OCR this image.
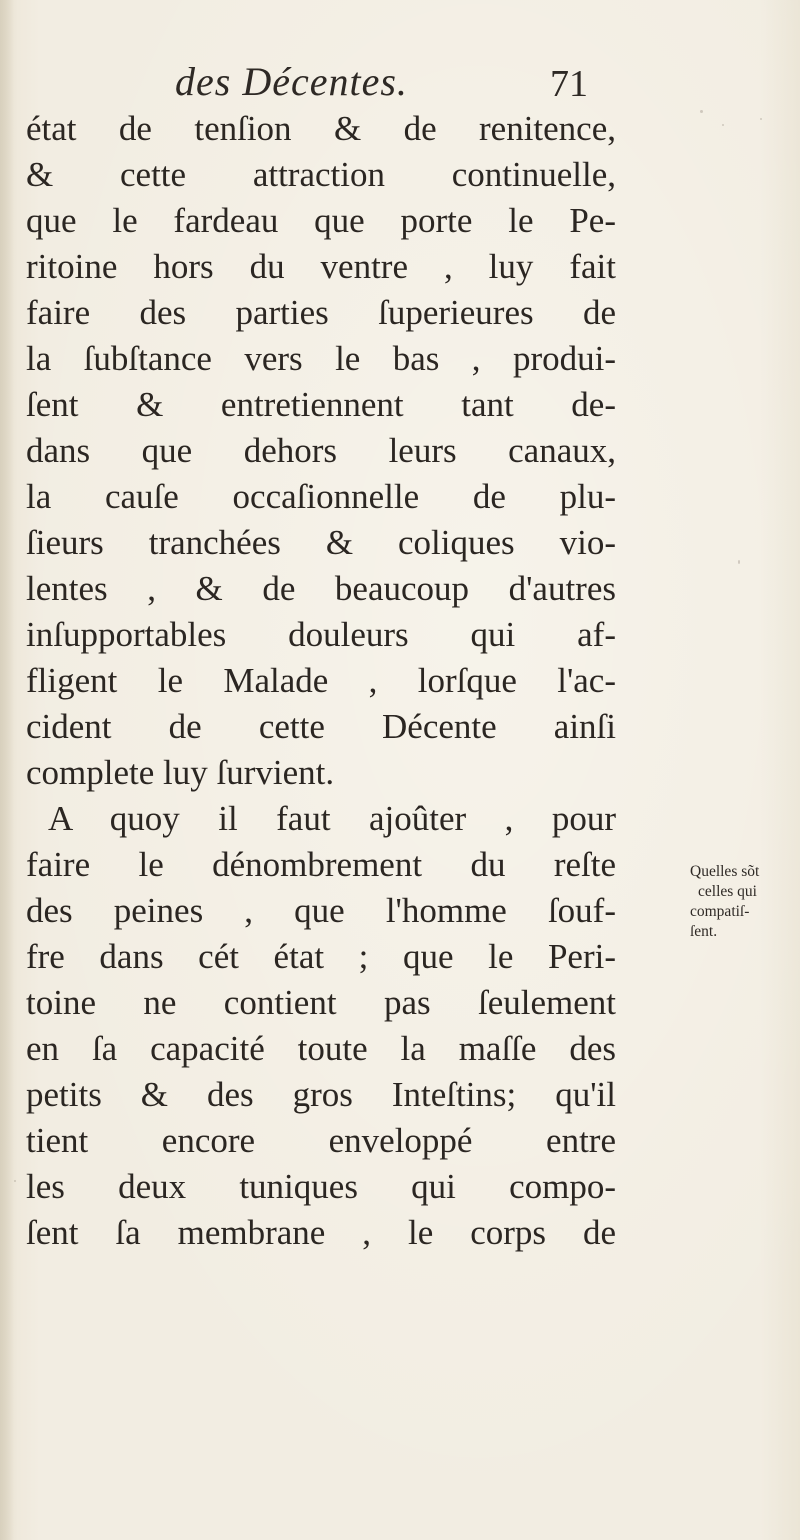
des Décentes.	71
état de tenſion & de renitence,
& cette attraction continuelle,
que le fardeau que porte le Pe-
ritoine hors du ventre , luy fait
faire des parties ſuperieures de
la ſubſtance vers le bas , produi-
ſent & entretiennent tant de-
dans que dehors leurs canaux,
la cauſe occaſionnelle de plu-
ſieurs tranchées & coliques vio-
lentes , & de beaucoup d'autres
inſupportables douleurs qui af-
fligent le Malade , lorſque l'ac-
cident de cette Décente ainſi
complete luy ſurvient.
A quoy il faut ajoûter , pour
faire le dénombrement du reſte
des peines , que l'homme ſouf-
fre dans cét état ; que le Peri-
toine ne contient pas ſeulement
en ſa capacité toute la maſſe des
petits & des gros Inteſtins; qu'il
tient encore enveloppé entre
les deux tuniques qui compo-
ſent ſa membrane , le corps de
Quelles sõt
celles qui
compatiſ-
ſent.
